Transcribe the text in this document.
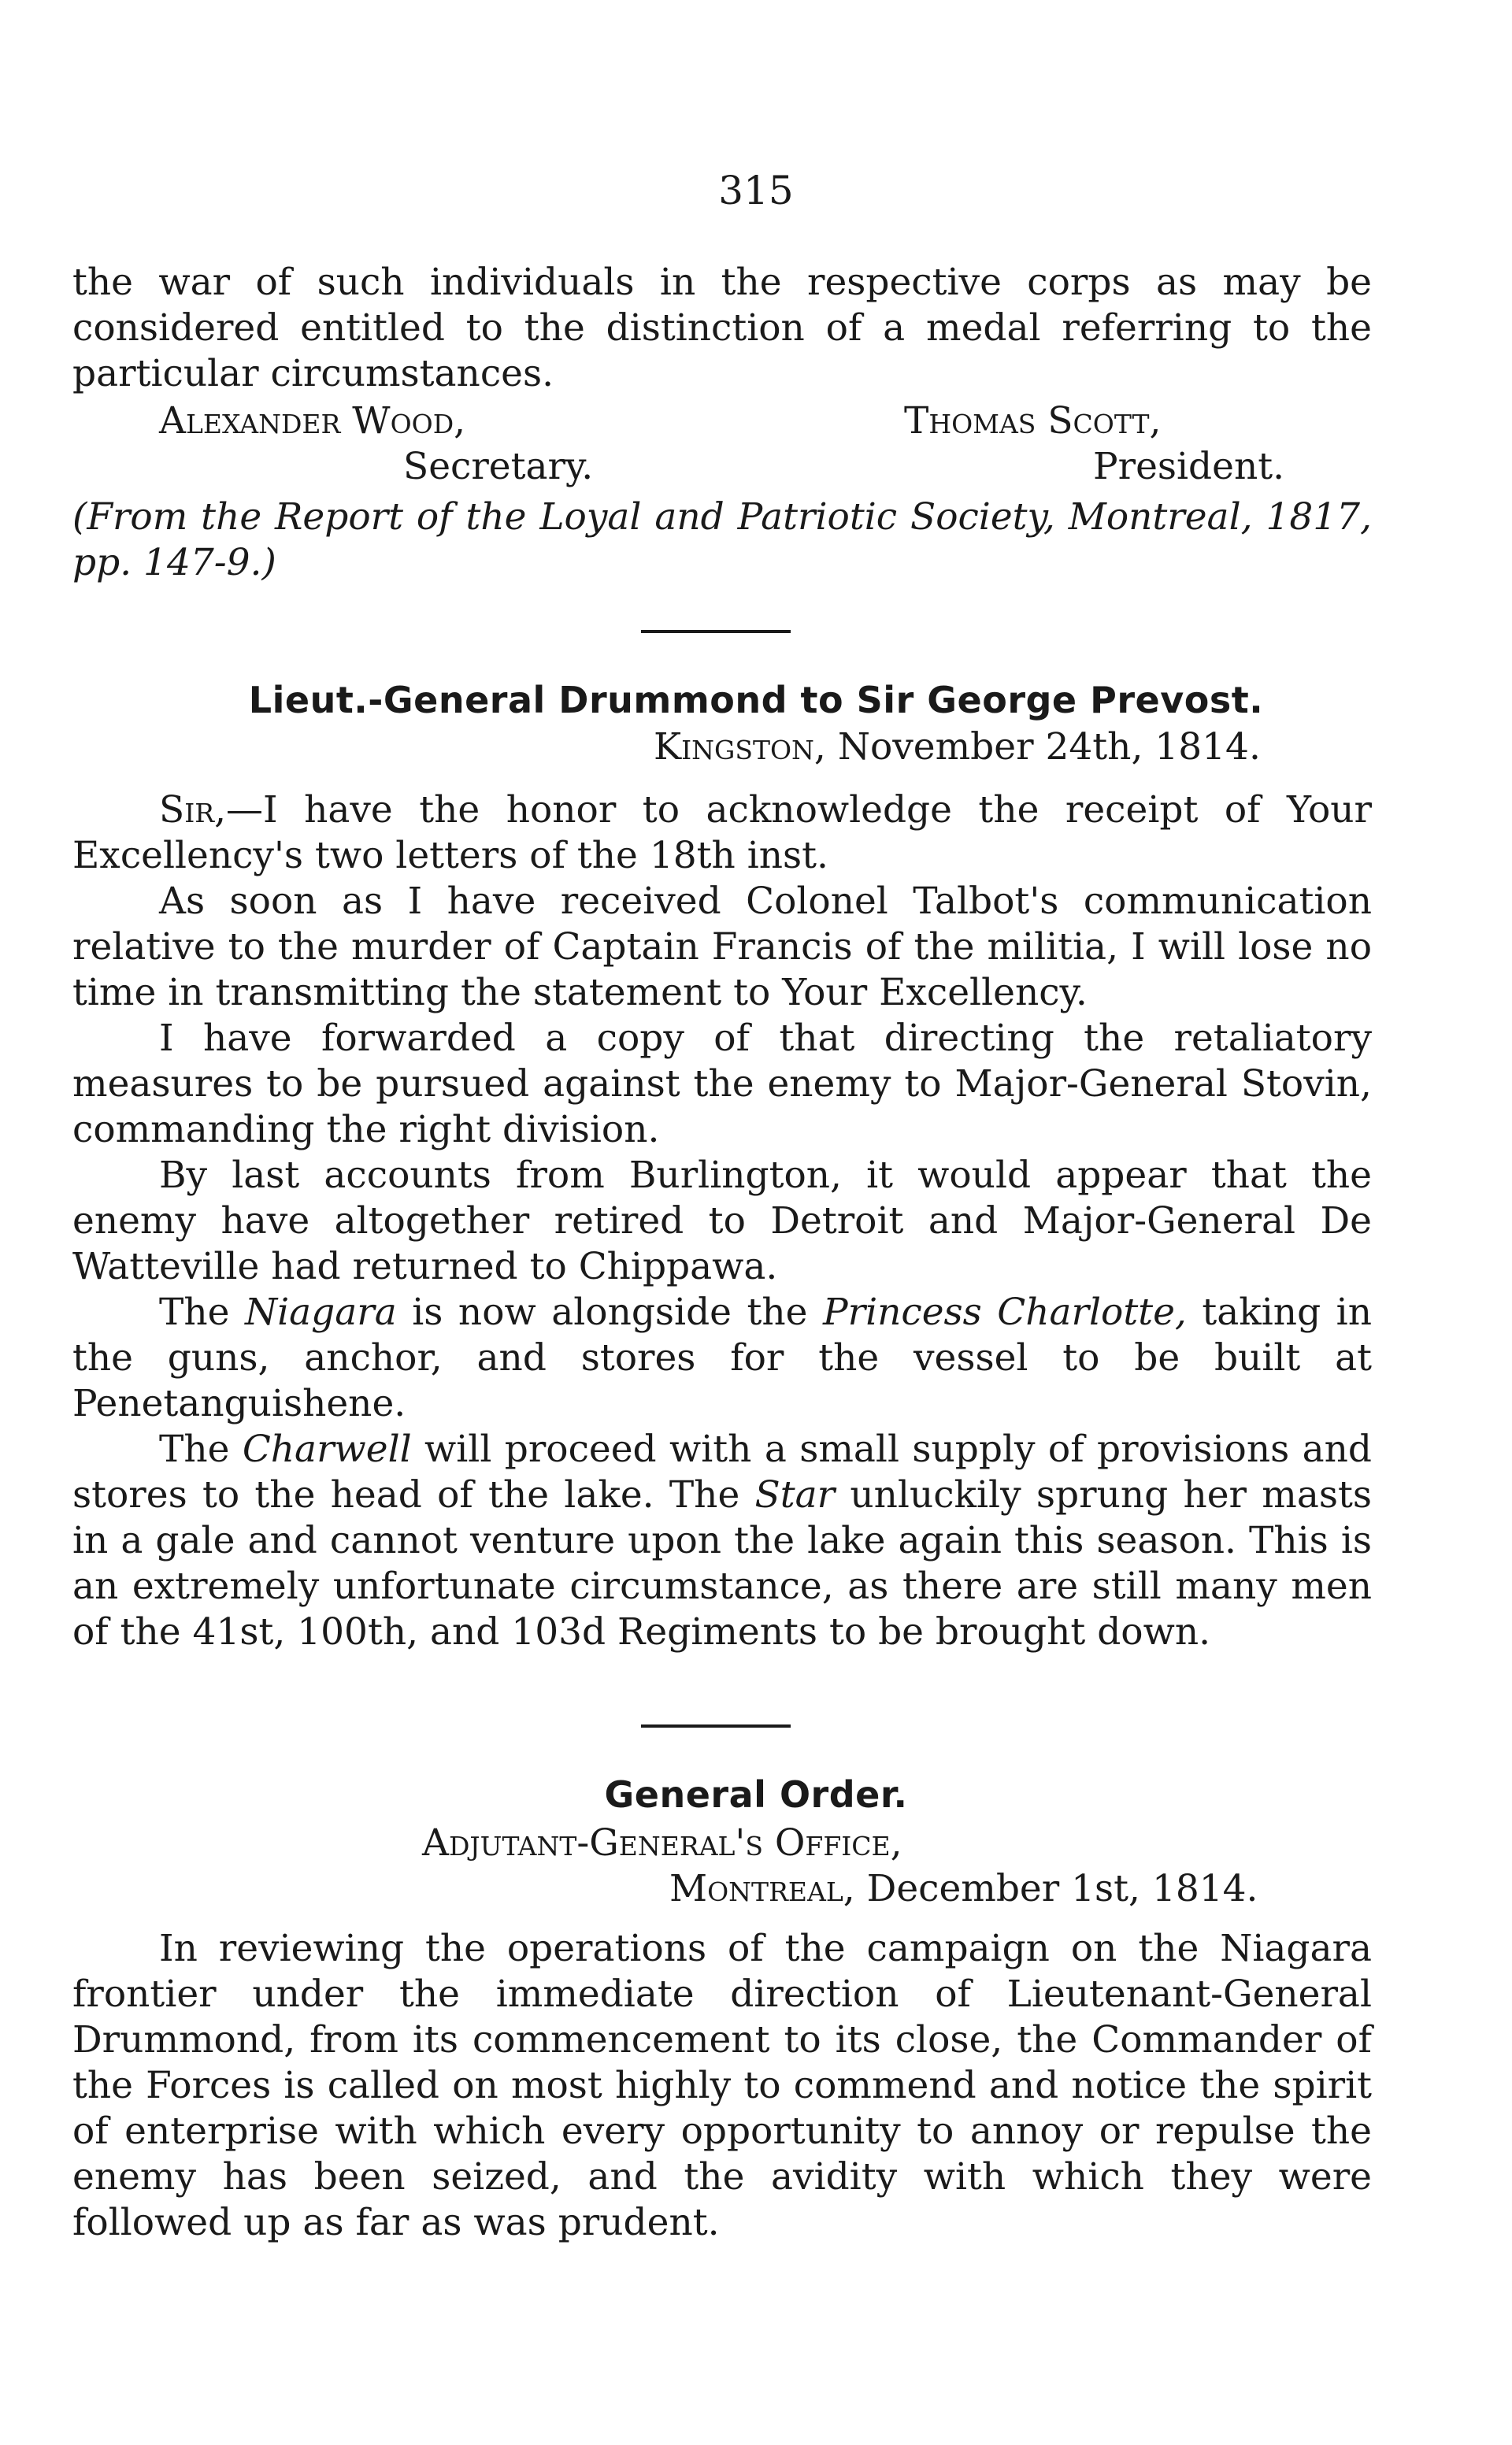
315

the war of such individuals in the respective corps as may be considered entitled to the distinction of a medal referring to the particular circumstances.

Alexander Wood,
Secretary.
Thomas Scott,
President.

(From the Report of the Loyal and Patriotic Society, Montreal, 1817, pp. 147-9.)

Lieut.-General Drummond to Sir George Prevost.
Kingston, November 24th, 1814.

Sir,—I have the honor to acknowledge the receipt of Your Excellency's two letters of the 18th inst.

As soon as I have received Colonel Talbot's communication relative to the murder of Captain Francis of the militia, I will lose no time in transmitting the statement to Your Excellency.

I have forwarded a copy of that directing the retaliatory measures to be pursued against the enemy to Major-General Stovin, commanding the right division.

By last accounts from Burlington, it would appear that the enemy have altogether retired to Detroit and Major-General De Watteville had returned to Chippawa.

The Niagara is now alongside the Princess Charlotte, taking in the guns, anchor, and stores for the vessel to be built at Penetanguishene.

The Charwell will proceed with a small supply of provisions and stores to the head of the lake. The Star unluckily sprung her masts in a gale and cannot venture upon the lake again this season. This is an extremely unfortunate circumstance, as there are still many men of the 41st, 100th, and 103d Regiments to be brought down.

General Order.
Adjutant-General's Office,
Montreal, December 1st, 1814.

In reviewing the operations of the campaign on the Niagara frontier under the immediate direction of Lieutenant-General Drummond, from its commencement to its close, the Commander of the Forces is called on most highly to commend and notice the spirit of enterprise with which every opportunity to annoy or repulse the enemy has been seized, and the avidity with which they were followed up as far as was prudent.
